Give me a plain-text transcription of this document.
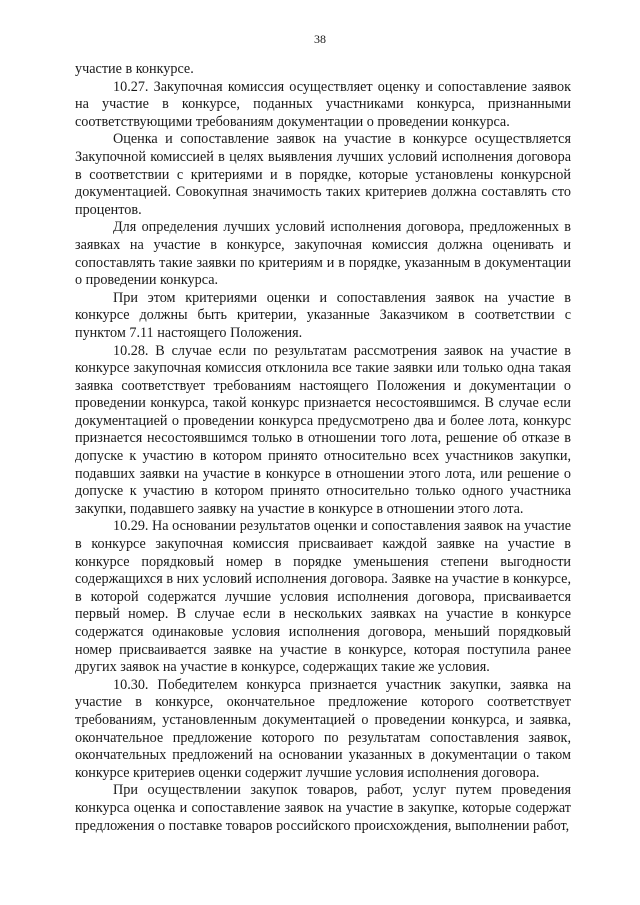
38

участие в конкурсе.

10.27. Закупочная комиссия осуществляет оценку и сопоставление заявок на участие в конкурсе, поданных участниками конкурса, признанными соответствующими требованиям документации о проведении конкурса.

Оценка и сопоставление заявок на участие в конкурсе осуществляется Закупочной комиссией в целях выявления лучших условий исполнения договора в соответствии с критериями и в порядке, которые установлены конкурсной документацией. Совокупная значимость таких критериев должна составлять сто процентов.

Для определения лучших условий исполнения договора, предложенных в заявках на участие в конкурсе, закупочная комиссия должна оценивать и сопоставлять такие заявки по критериям и в порядке, указанным в документации о проведении конкурса.

При этом критериями оценки и сопоставления заявок на участие в конкурсе должны быть критерии, указанные Заказчиком в соответствии с пунктом 7.11 настоящего Положения.

10.28. В случае если по результатам рассмотрения заявок на участие в конкурсе закупочная комиссия отклонила все такие заявки или только одна такая заявка соответствует требованиям настоящего Положения и документации о проведении конкурса, такой конкурс признается несостоявшимся. В случае если документацией о проведении конкурса предусмотрено два и более лота, конкурс признается несостоявшимся только в отношении того лота, решение об отказе в допуске к участию в котором принято относительно всех участников закупки, подавших заявки на участие в конкурсе в отношении этого лота, или решение о допуске к участию в котором принято относительно только одного участника закупки, подавшего заявку на участие в конкурсе в отношении этого лота.

10.29. На основании результатов оценки и сопоставления заявок на участие в конкурсе закупочная комиссия присваивает каждой заявке на участие в конкурсе порядковый номер в порядке уменьшения степени выгодности содержащихся в них условий исполнения договора. Заявке на участие в конкурсе, в которой содержатся лучшие условия исполнения договора, присваивается первый номер. В случае если в нескольких заявках на участие в конкурсе содержатся одинаковые условия исполнения договора, меньший порядковый номер присваивается заявке на участие в конкурсе, которая поступила ранее других заявок на участие в конкурсе, содержащих такие же условия.

10.30. Победителем конкурса признается участник закупки, заявка на участие в конкурсе, окончательное предложение которого соответствует требованиям, установленным документацией о проведении конкурса, и заявка, окончательное предложение которого по результатам сопоставления заявок, окончательных предложений на основании указанных в документации о таком конкурсе критериев оценки содержит лучшие условия исполнения договора.

При осуществлении закупок товаров, работ, услуг путем проведения конкурса оценка и сопоставление заявок на участие в закупке, которые содержат предложения о поставке товаров российского происхождения, выполнении работ,
